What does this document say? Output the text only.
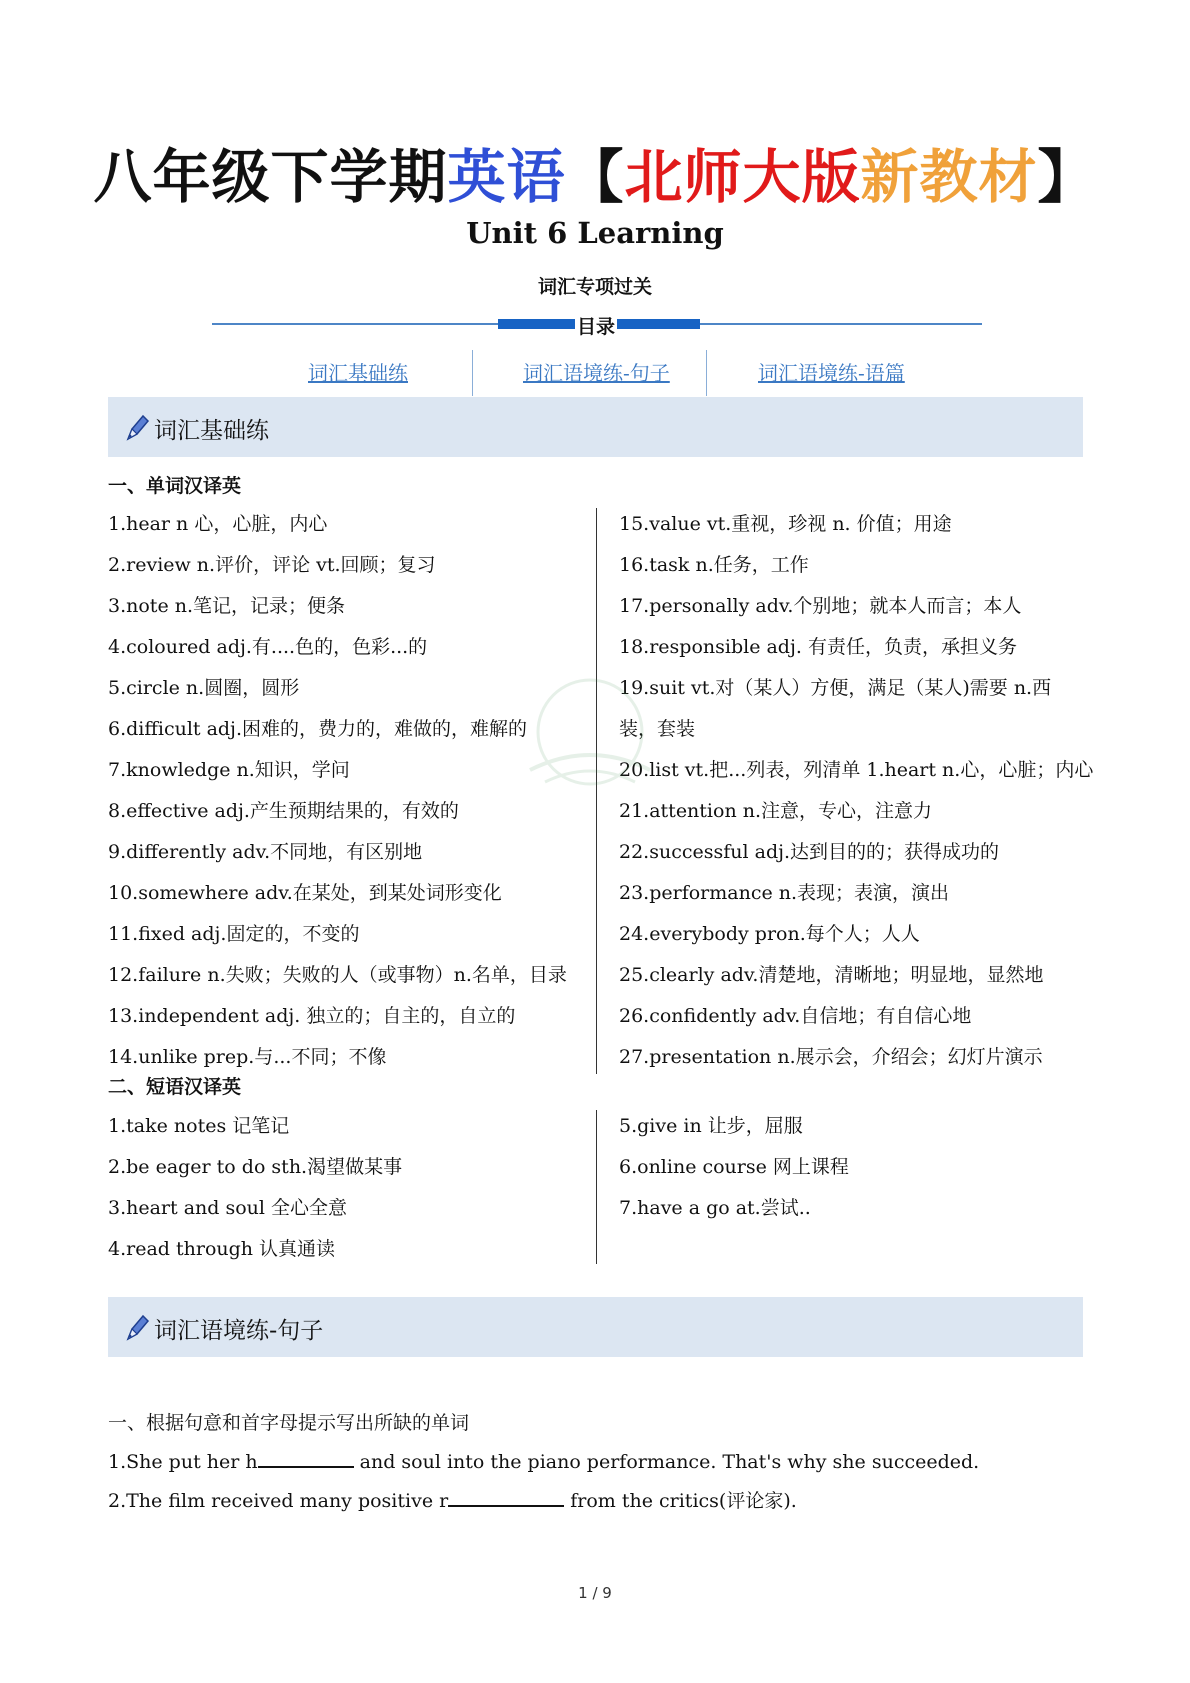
八年级下学期英语【北师大版新教材】
Unit 6 Learning
词汇专项过关
目录
词汇基础练	词汇语境练-句子	词汇语境练-语篇
词汇基础练
一、单词汉译英
1.hear n 心，心脏，内心
2.review n.评价，评论 vt.回顾；复习
3.note n.笔记，记录；便条
4.coloured adj.有....色的，色彩...的
5.circle n.圆圈，圆形
6.difficult adj.困难的，费力的，难做的，难解的
7.knowledge n.知识，学问
8.effective adj.产生预期结果的，有效的
9.differently adv.不同地，有区别地
10.somewhere adv.在某处，到某处词形变化
11.fixed adj.固定的，不变的
12.failure n.失败；失败的人（或事物）n.名单，目录
13.independent adj. 独立的；自主的，自立的
14.unlike prep.与...不同；不像
15.value vt.重视，珍视 n. 价值；用途
16.task n.任务，工作
17.personally adv.个别地；就本人而言；本人
18.responsible adj. 有责任，负责，承担义务
19.suit vt.对（某人）方便，满足（某人)需要 n.西装，套装
20.list vt.把...列表，列清单 1.heart n.心，心脏；内心
21.attention n.注意，专心，注意力
22.successful adj.达到目的的；获得成功的
23.performance n.表现；表演，演出
24.everybody pron.每个人；人人
25.clearly adv.清楚地，清晰地；明显地，显然地
26.confidently adv.自信地；有自信心地
27.presentation n.展示会，介绍会；幻灯片演示
二、短语汉译英
1.take notes 记笔记
2.be eager to do sth.渴望做某事
3.heart and soul 全心全意
4.read through 认真通读
5.give in 让步，屈服
6.online course 网上课程
7.have a go at.尝试..
词汇语境练-句子
一、根据句意和首字母提示写出所缺的单词
1.She put her h	and soul into the piano performance. That's why she succeeded.
2.The film received many positive r	from the critics(评论家).
1 / 9
